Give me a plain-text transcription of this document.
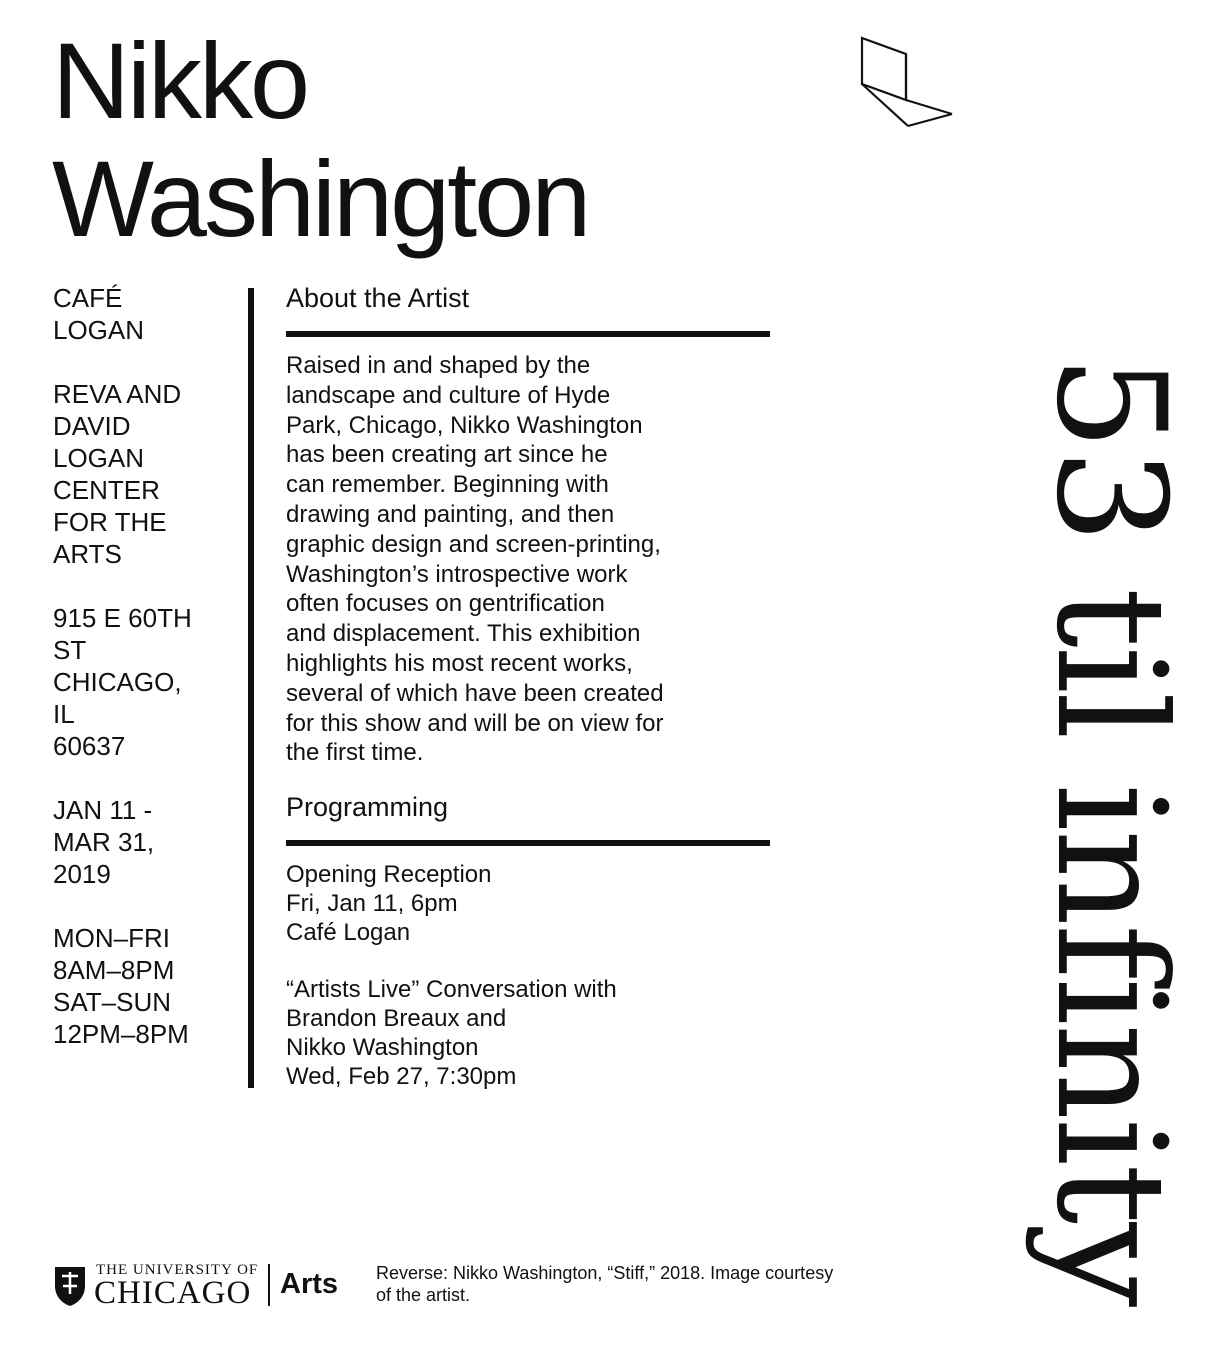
Nikko
Washington
CAFÉ
LOGAN
REVA AND
DAVID
LOGAN
CENTER
FOR THE
ARTS
915 E 60TH
ST
CHICAGO,
IL
60637
JAN 11 -
MAR 31,
2019
MON–FRI
8AM–8PM
SAT–SUN
12PM–8PM
About the Artist

Raised in and shaped by the
landscape and culture of Hyde
Park, Chicago, Nikko Washington
has been creating art since he
can remember. Beginning with
drawing and painting, and then
graphic design and screen-printing,
Washington’s introspective work
often focuses on gentrification
and displacement. This exhibition
highlights his most recent works,
several of which have been created
for this show and will be on view for
the first time.

Programming

Opening Reception
Fri, Jan 11, 6pm
Café Logan

“Artists Live” Conversation with
Brandon Breaux and
Nikko Washington
Wed, Feb 27, 7:30pm	53 til infinity
THE UNIVERSITY OF
CHICAGO Arts Reverse: Nikko Washington, “Stiff,” 2018. Image courtesy
of the artist.
